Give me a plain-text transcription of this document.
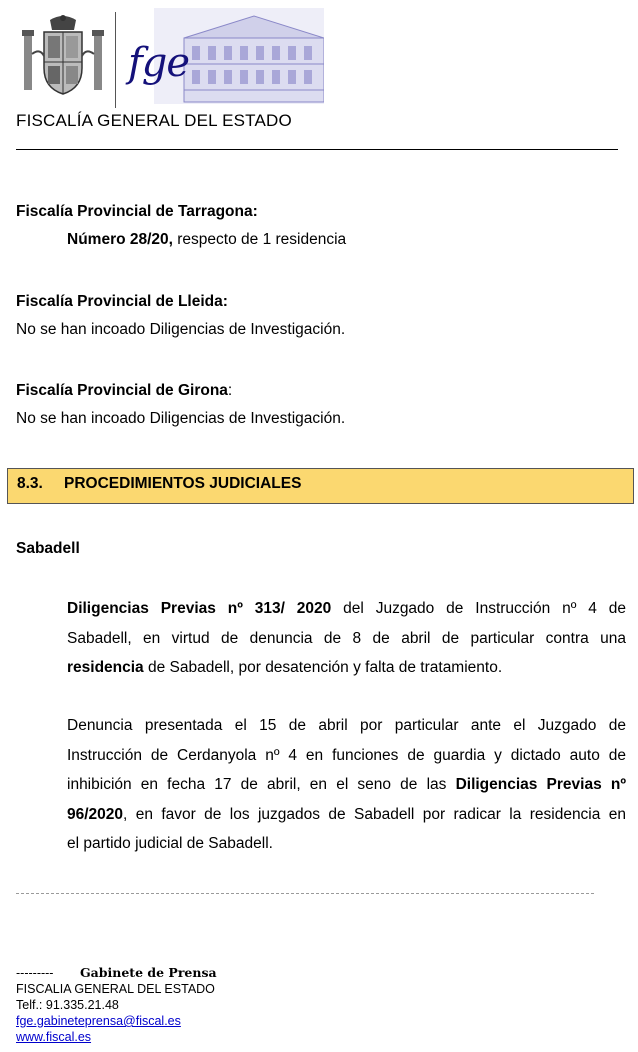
fge
FISCALÍA GENERAL DEL ESTADO
Fiscalía Provincial de Tarragona:
Número 28/20, respecto de 1 residencia
Fiscalía Provincial de Lleida:
No se han incoado Diligencias de Investigación.
Fiscalía Provincial de Girona:
No se han incoado Diligencias de Investigación.
8.3. PROCEDIMIENTOS JUDICIALES
Sabadell
Diligencias Previas nº 313/ 2020 del Juzgado de Instrucción nº 4 de
Sabadell, en virtud de denuncia de 8 de abril de particular contra una
residencia de Sabadell, por desatención y falta de tratamiento.
Denuncia presentada el 15 de abril por particular ante el Juzgado de
Instrucción de Cerdanyola nº 4 en funciones de guardia y dictado auto de
inhibición en fecha 17 de abril, en el seno de las Diligencias Previas nº
96/2020, en favor de los juzgados de Sabadell por radicar la residencia en
el partido judicial de Sabadell.
--------- Gabinete de Prensa
FISCALIA GENERAL DEL ESTADO
Telf.: 91.335.21.48
fge.gabineteprensa@fiscal.es
www.fiscal.es
